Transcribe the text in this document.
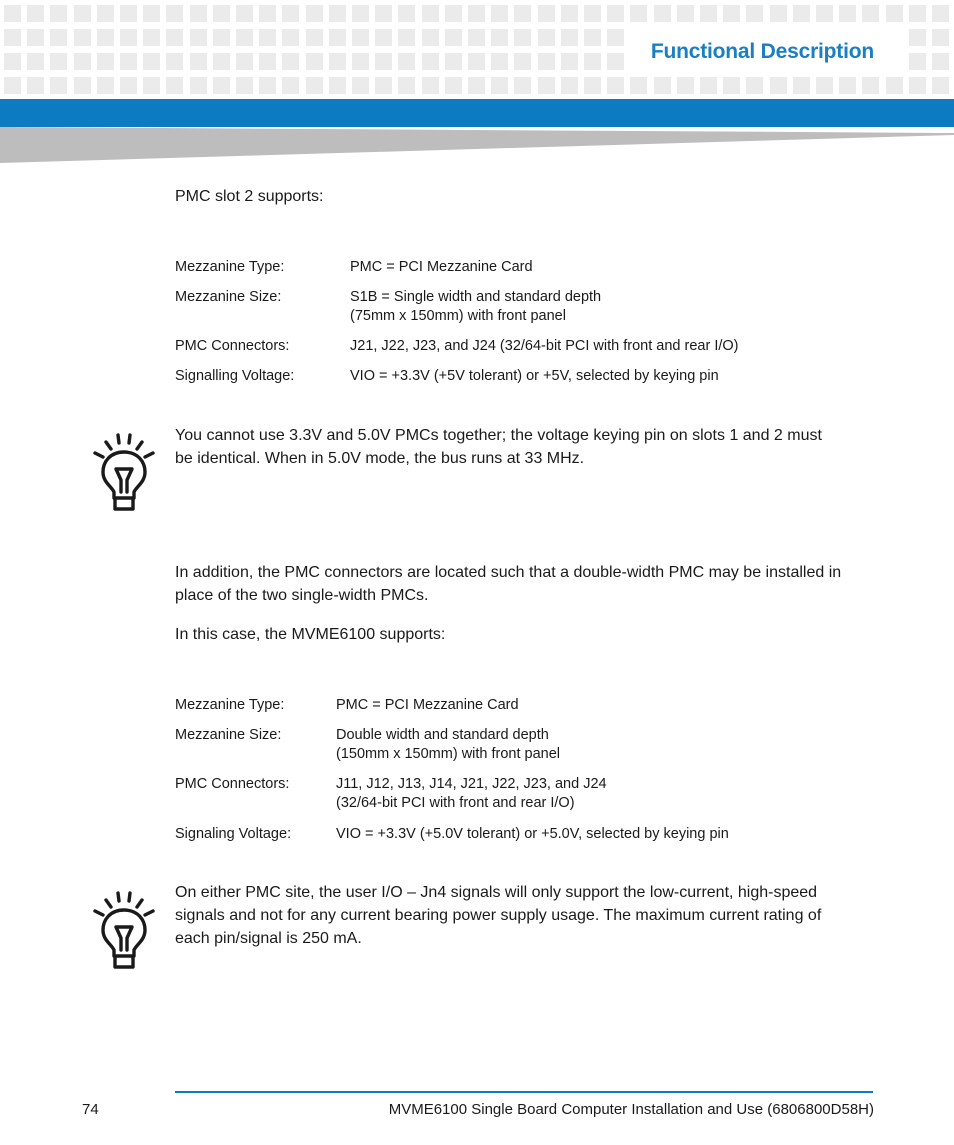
Functional Description
PMC slot 2 supports:
Mezzanine Type:	PMC = PCI Mezzanine Card
Mezzanine Size:	S1B = Single width and standard depth
(75mm x 150mm) with front panel
PMC Connectors:	J21, J22, J23, and J24 (32/64-bit PCI with front and rear I/O)
Signalling Voltage:	VIO = +3.3V (+5V tolerant) or +5V, selected by keying pin
You cannot use 3.3V and 5.0V PMCs together; the voltage keying pin on slots 1 and 2 must
be identical. When in 5.0V mode, the bus runs at 33 MHz.
In addition, the PMC connectors are located such that a double-width PMC may be installed in
place of the two single-width PMCs.
In this case, the MVME6100 supports:
Mezzanine Type:	PMC = PCI Mezzanine Card
Mezzanine Size:	Double width and standard depth
(150mm x 150mm) with front panel
PMC Connectors:	J11, J12, J13, J14, J21, J22, J23, and J24
(32/64-bit PCI with front and rear I/O)
Signaling Voltage:	VIO = +3.3V (+5.0V tolerant) or +5.0V, selected by keying pin
On either PMC site, the user I/O – Jn4 signals will only support the low-current, high-speed
signals and not for any current bearing power supply usage. The maximum current rating of
each pin/signal is 250 mA.
74	MVME6100 Single Board Computer Installation and Use (6806800D58H)
